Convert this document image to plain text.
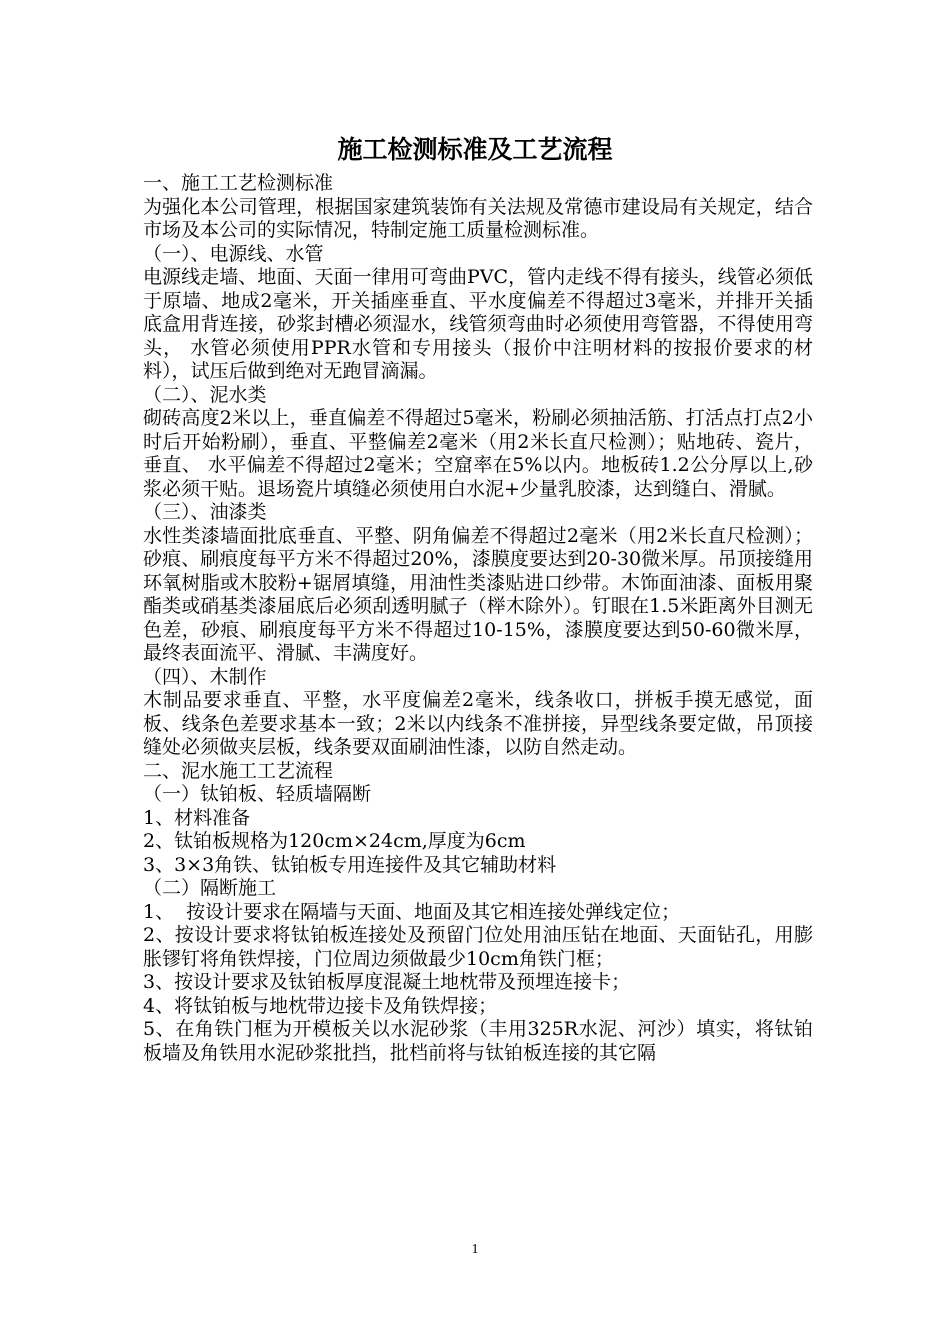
施工检测标准及工艺流程

一、施工工艺检测标准

为强化本公司管理，根据国家建筑装饰有关法规及常德市建设局有关规定，结合市场及本公司的实际情况，特制定施工质量检测标准。

（一）、电源线、水管

电源线走墙、地面、天面一律用可弯曲PVC，管内走线不得有接头，线管必须低于原墙、地成2毫米，开关插座垂直、平水度偏差不得超过3毫米，并排开关插底盒用背连接，砂浆封槽必须湿水，线管须弯曲时必须使用弯管器，不得使用弯头， 水管必须使用PPR水管和专用接头（报价中注明材料的按报价要求的材料），试压后做到绝对无跑冒滴漏。

（二）、泥水类

砌砖高度2米以上，垂直偏差不得超过5毫米，粉刷必须抽活筋、打活点打点2小时后开始粉刷），垂直、平整偏差2毫米（用2米长直尺检测）；贴地砖、瓷片，垂直、 水平偏差不得超过2毫米；空窟率在5%以内。地板砖1.2公分厚以上,砂浆必须干贴。退场瓷片填缝必须使用白水泥+少量乳胶漆，达到缝白、滑腻。

（三）、油漆类

水性类漆墙面批底垂直、平整、阴角偏差不得超过2毫米（用2米长直尺检测）；砂痕、刷痕度每平方米不得超过20%，漆膜度要达到20-30微米厚。吊顶接缝用环氧树脂或木胶粉+锯屑填缝，用油性类漆贴进口纱带。木饰面油漆、面板用聚酯类或硝基类漆届底后必须刮透明腻子（榉木除外）。钉眼在1.5米距离外目测无色差，砂痕、刷痕度每平方米不得超过10-15%，漆膜度要达到50-60微米厚，最终表面流平、滑腻、丰满度好。

（四）、木制作

木制品要求垂直、平整，水平度偏差2毫米，线条收口，拼板手摸无感觉，面板、线条色差要求基本一致；2米以内线条不准拼接，异型线条要定做，吊顶接缝处必须做夹层板，线条要双面刷油性漆，以防自然走动。

二、泥水施工工艺流程

（一）钛铂板、轻质墙隔断

1、材料准备

2、钛铂板规格为120cm×24cm,厚度为6cm

3、3×3角铁、钛铂板专用连接件及其它辅助材料

（二）隔断施工

1、  按设计要求在隔墙与天面、地面及其它相连接处弹线定位；

2、按设计要求将钛铂板连接处及预留门位处用油压钻在地面、天面钻孔，用膨胀镠钉将角铁焊接，门位周边须做最少10cm角铁门框；

3、按设计要求及钛铂板厚度混凝土地枕带及预埋连接卡；

4、将钛铂板与地枕带边接卡及角铁焊接；

5、在角铁门框为开模板关以水泥砂浆（丰用325R水泥、河沙）填实，将钛铂板墙及角铁用水泥砂浆批挡，批档前将与钛铂板连接的其它隔

1
